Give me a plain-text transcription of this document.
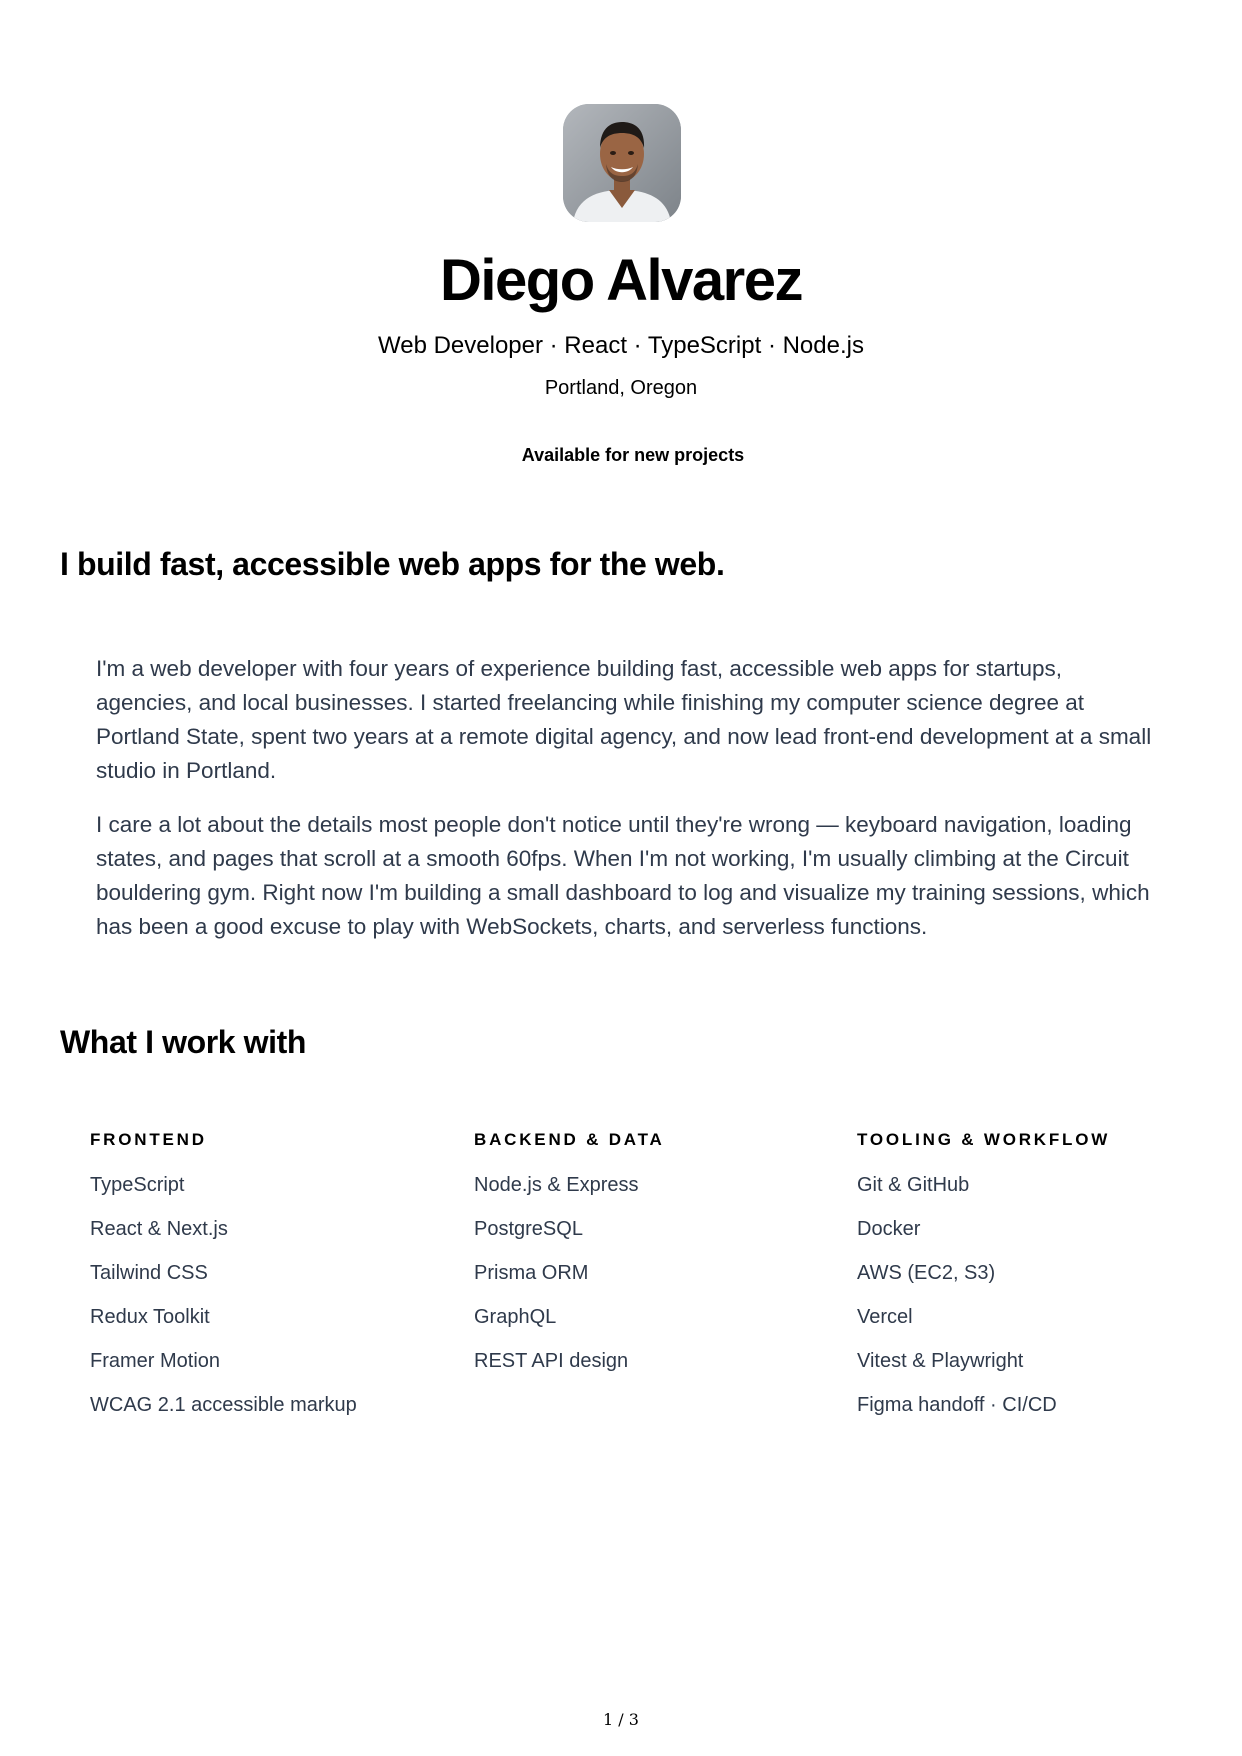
Diego Alvarez
Web Developer · React · TypeScript · Node.js
Portland, Oregon
Available for new projects
I build fast, accessible web apps for the web.

I'm a web developer with four years of experience building fast, accessible web apps for startups, agencies, and local businesses. I started freelancing while finishing my computer science degree at Portland State, spent two years at a remote digital agency, and now lead front-end development at a small studio in Portland.

I care a lot about the details most people don't notice until they're wrong — keyboard navigation, loading states, and pages that scroll at a smooth 60fps. When I'm not working, I'm usually climbing at the Circuit bouldering gym. Right now I'm building a small dashboard to log and visualize my training sessions, which has been a good excuse to play with WebSockets, charts, and serverless functions.

What I work with
FRONTEND
TypeScript
React & Next.js
Tailwind CSS
Redux Toolkit
Framer Motion
WCAG 2.1 accessible markup
BACKEND & DATA
Node.js & Express
PostgreSQL
Prisma ORM
GraphQL
REST API design
TOOLING & WORKFLOW
Git & GitHub
Docker
AWS (EC2, S3)
Vercel
Vitest & Playwright
Figma handoff · CI/CD
1 / 3
